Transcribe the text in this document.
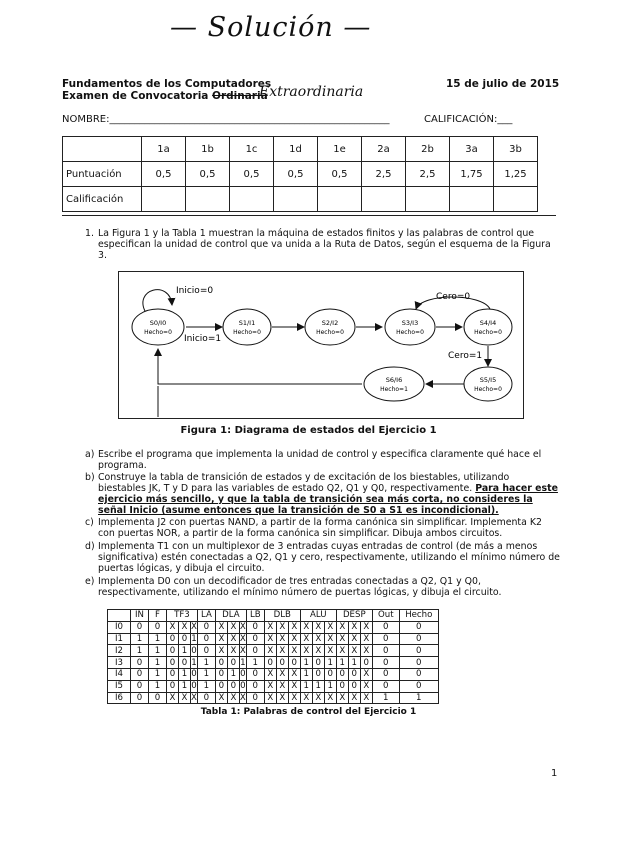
— Solución —
Fundamentos de los Computadores
Examen de Convocatoria Ordinaria
Extraordinaria	15 de julio de 2015
NOMBRE:________________________________________________________	CALIFICACIÓN:___
	1a	1b	1c	1d	1e	2a	2b	3a	3b
Puntuación	0,5	0,5	0,5	0,5	0,5	2,5	2,5	1,75	1,25
Calificación									
1. La Figura 1 y la Tabla 1 muestran la máquina de estados finitos y las palabras de control que especifican la unidad de control que va unida a la Ruta de Datos, según el esquema de la Figura 3.
S0/I0
Hecho=0
S1/I1
Hecho=0
S2/I2
Hecho=0
S3/I3
Hecho=0
S4/I4
Hecho=0
S5/I5
Hecho=0
S6/I6
Hecho=1
Inicio=0
Inicio=1
Cero=0
Cero=1
Figura 1: Diagrama de estados del Ejercicio 1
a) Escribe el programa que implementa la unidad de control y especifica claramente qué hace el programa.
b) Construye la tabla de transición de estados y de excitación de los biestables, utilizando biestables JK, T y D para las variables de estado Q2, Q1 y Q0, respectivamente. Para hacer este ejercicio más sencillo, y que la tabla de transición sea más corta, no consideres la señal Inicio (asume entonces que la transición de S0 a S1 es incondicional).
c) Implementa J2 con puertas NAND, a partir de la forma canónica sin simplificar. Implementa K2 con puertas NOR, a partir de la forma canónica sin simplificar. Dibuja ambos circuitos.
d) Implementa T1 con un multiplexor de 3 entradas cuyas entradas de control (de más a menos significativa) estén conectadas a Q2, Q1 y cero, respectivamente, utilizando el mínimo número de puertas lógicas, y dibuja el circuito.
e) Implementa D0 con un decodificador de tres entradas conectadas a Q2, Q1 y Q0, respectivamente, utilizando el mínimo número de puertas lógicas, y dibuja el circuito.
	IN	F	TF3			LA	DLA			LB	DLB			ALU			DESP			Out	Hecho
I0	0	0	X	X	X	0	X	X	X	0	X	X	X	X	X	X	X	X	X	0	0
I1	1	1	0	0	1	0	X	X	X	0	X	X	X	X	X	X	X	X	X	0	0
I2	1	1	0	1	0	0	X	X	X	0	X	X	X	X	X	X	X	X	X	0	0
I3	0	1	0	0	1	1	0	0	1	1	0	0	0	1	0	1	1	1	0	0	0
I4	0	1	0	1	0	1	0	1	0	0	X	X	X	1	0	0	0	0	X	0	0
I5	0	1	0	1	0	1	0	0	0	0	X	X	X	1	1	1	0	0	X	0	0
I6	0	0	X	X	X	0	X	X	X	0	X	X	X	X	X	X	X	X	X	1	1
Tabla 1: Palabras de control del Ejercicio 1
1
